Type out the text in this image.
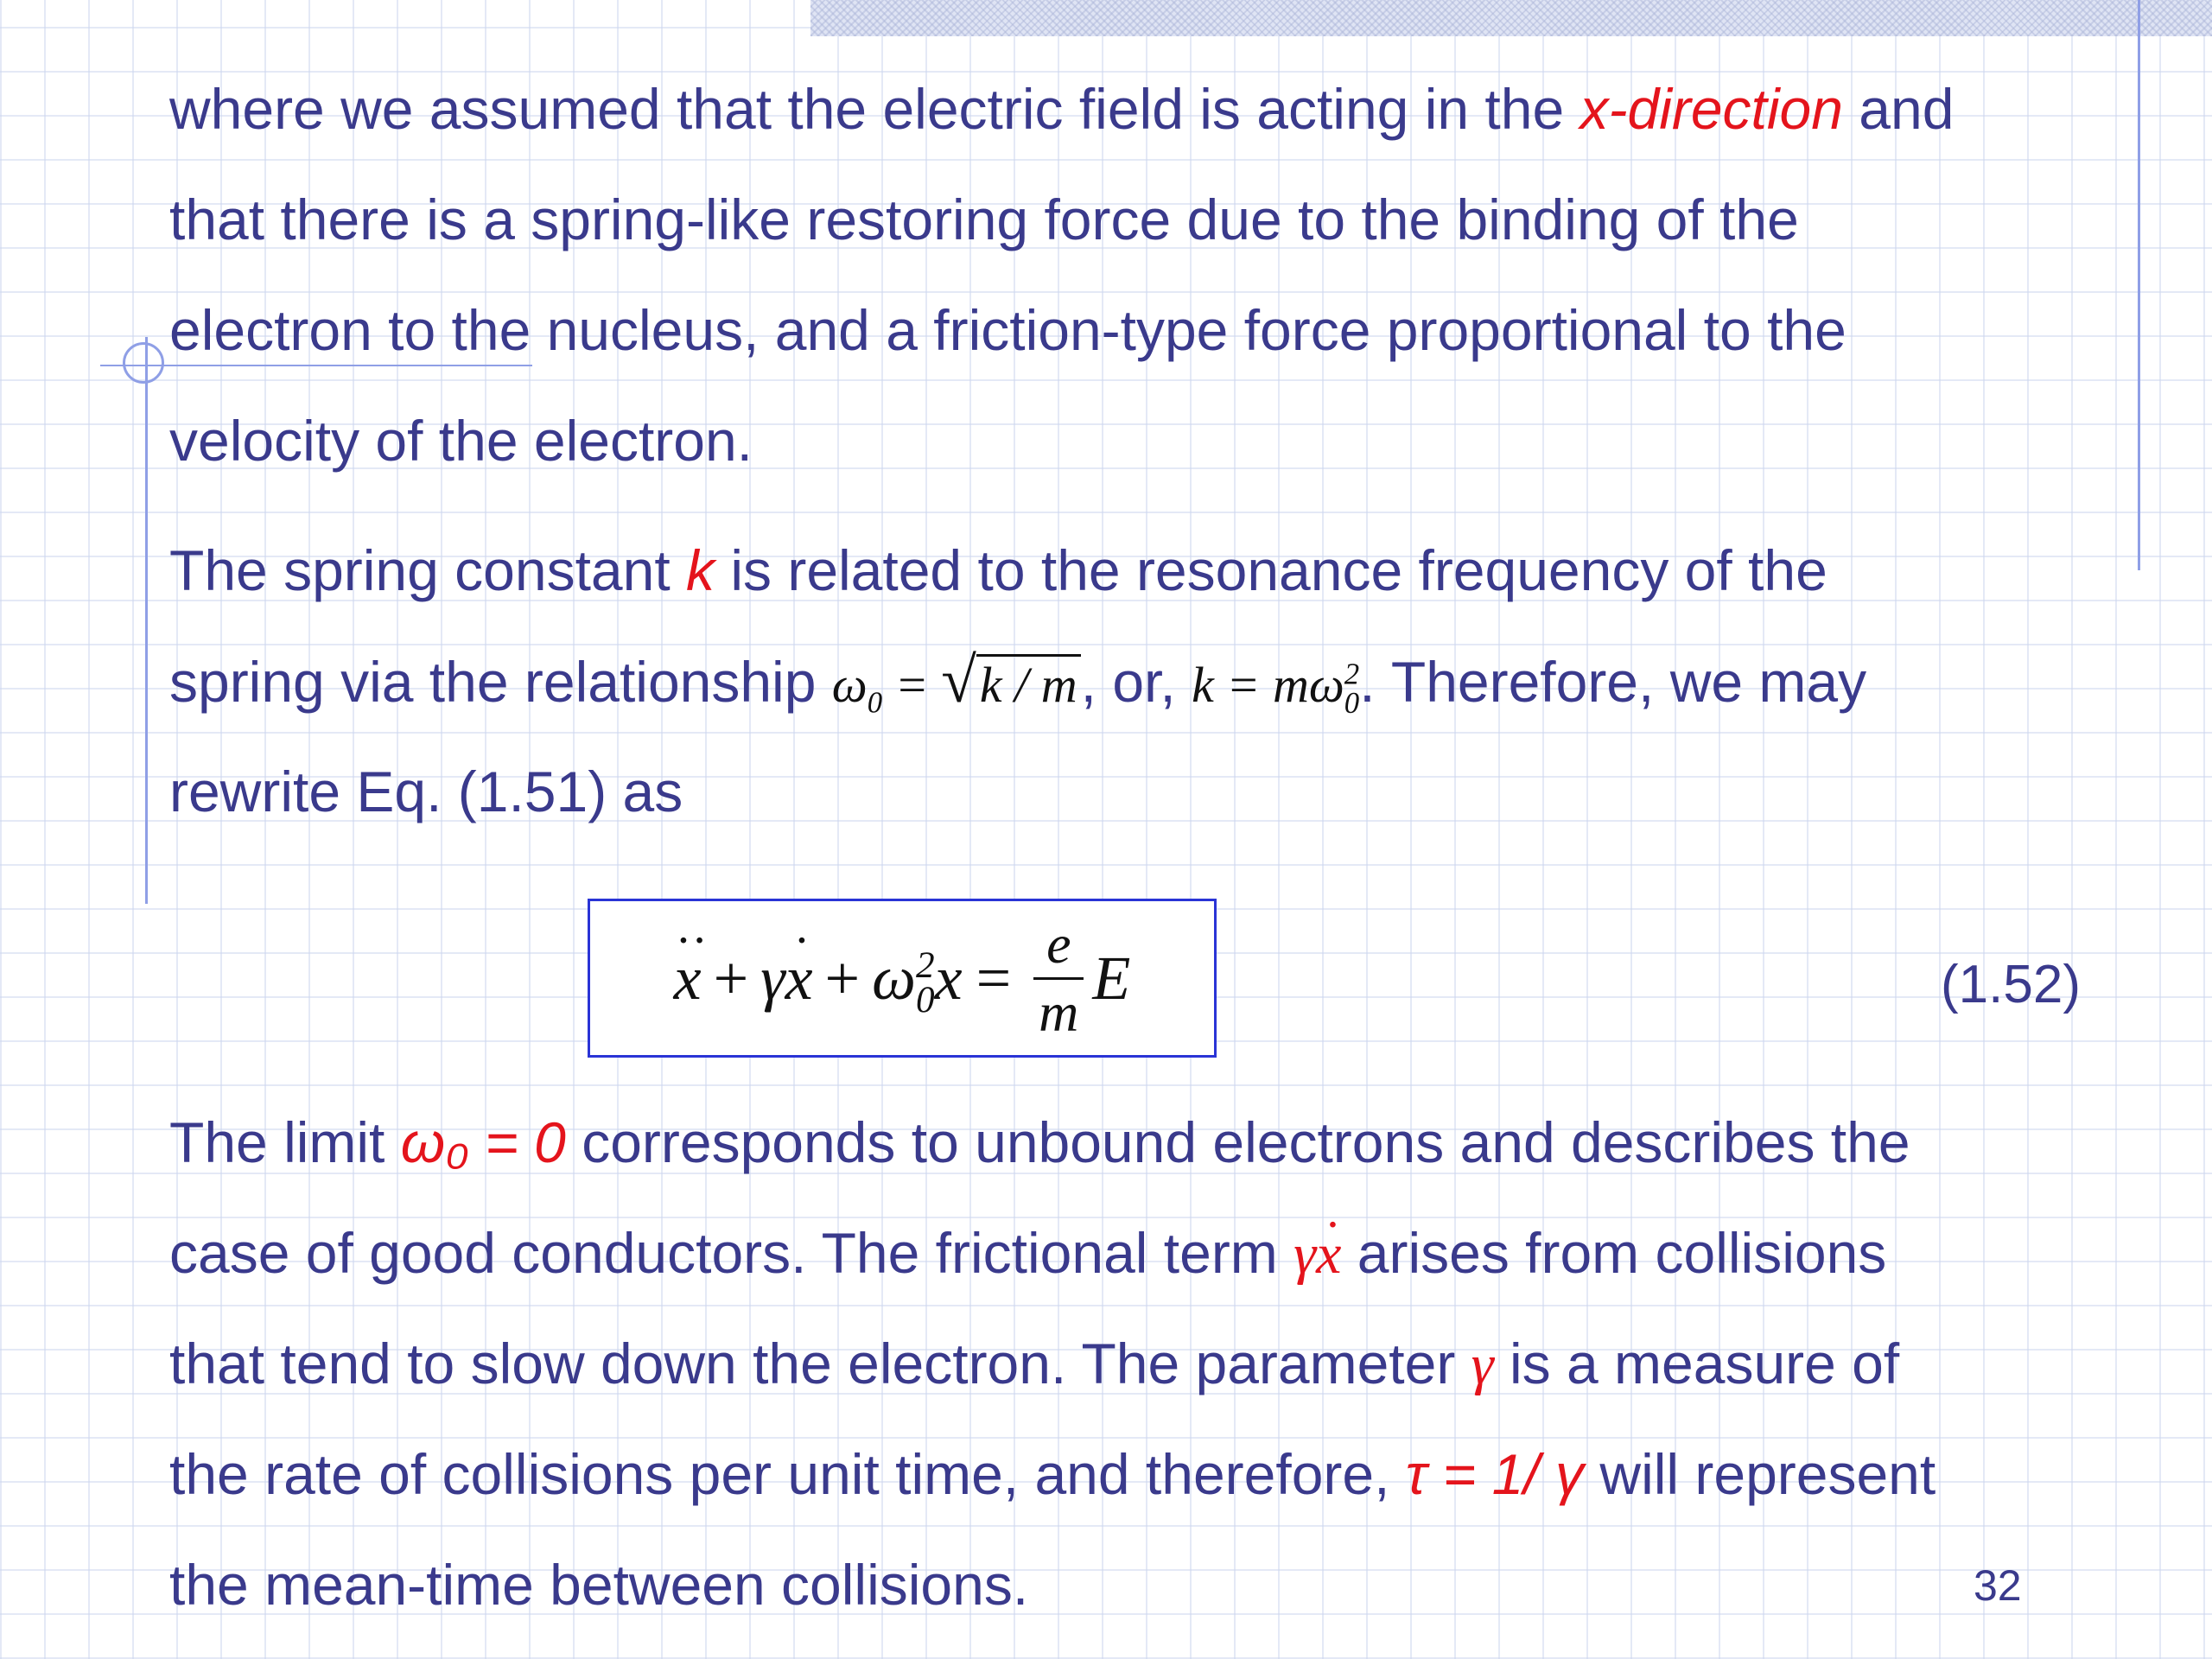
where we assumed that the electric field is acting in the x-direction and

that there is a spring-like restoring force due to the binding of the

electron to the nucleus, and a friction-type force proportional to the

velocity of the electron.

The spring constant k is related to the resonance frequency of the

spring via the relationship $\omega_0 = √k / m$, or, $k = m\omega^2_0$. Therefore, we may

rewrite Eq. (1.51) as

x ·· + γx · + $\omega^2_0x = \frac{e}{m}$ E	(1.52)

The limit ω₀ = 0 corresponds to unbound electrons and describes the

case of good conductors. The frictional term γx · arises from collisions

that tend to slow down the electron. The parameter γ is a measure of

the rate of collisions per unit time, and therefore, τ = 1/ γ will represent

the mean-time between collisions.	32
